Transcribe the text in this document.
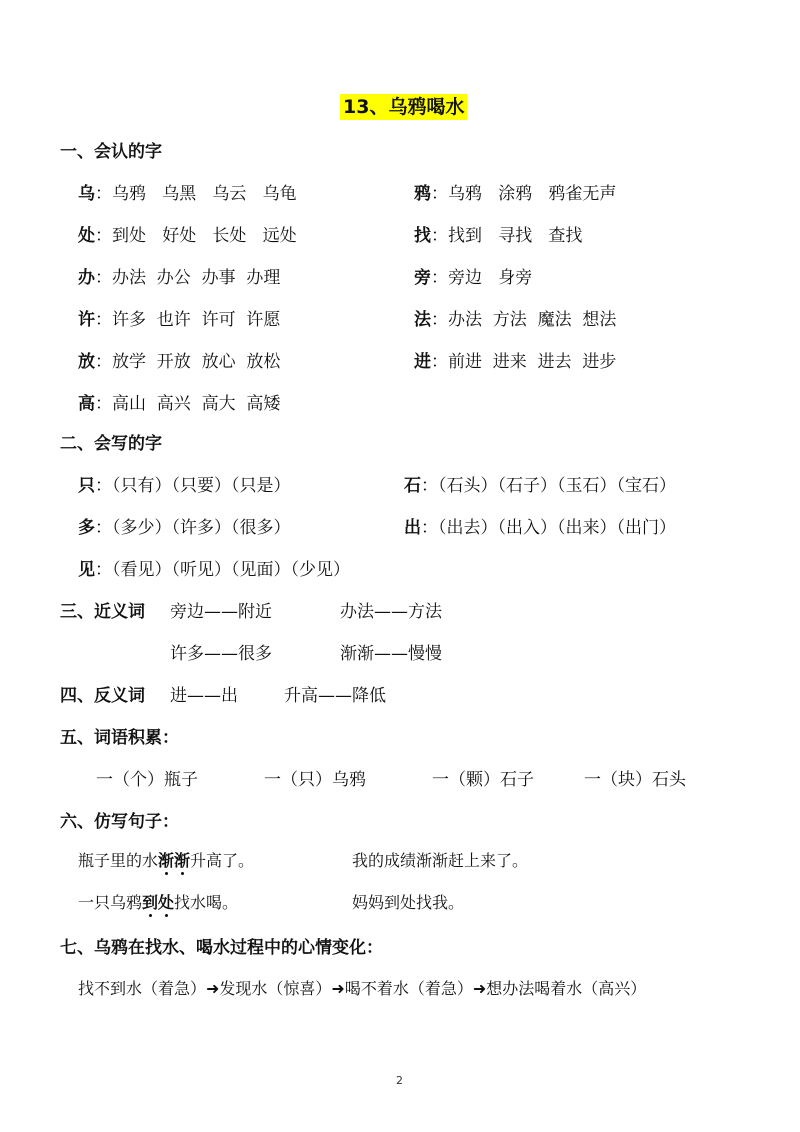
13、乌鸦喝水
一、会认的字
乌：乌鸦   乌黑   乌云   乌龟	鸦：乌鸦   涂鸦   鸦雀无声
处：到处   好处   长处   远处	找：找到   寻找   查找
办：办法  办公  办事  办理	旁：旁边   身旁
许：许多  也许  许可  许愿	法：办法  方法  魔法  想法
放：放学  开放  放心  放松	进：前进  进来  进去  进步
高：高山  高兴  高大  高矮
二、会写的字
只：（只有）（只要）（只是）	石：（石头）（石子）（玉石）（宝石）
多：（多少）（许多）（很多）	出：（出去）（出入）（出来）（出门）
见：（看见）（听见）（见面）（少见）
三、近义词 旁边——附近	办法——方法
许多——很多	渐渐——慢慢
四、反义词 进——出	升高——降低
五、词语积累：
一（个）瓶子	一（只）乌鸦	一（颗）石子	一（块）石头
六、仿写句子：
瓶子里的水渐渐升高了。	我的成绩渐渐赶上来了。
一只乌鸦到处找水喝。	妈妈到处找我。
七、乌鸦在找水、喝水过程中的心情变化：
找不到水（着急）➜发现水（惊喜）➜喝不着水（着急）➜想办法喝着水（高兴）
2
